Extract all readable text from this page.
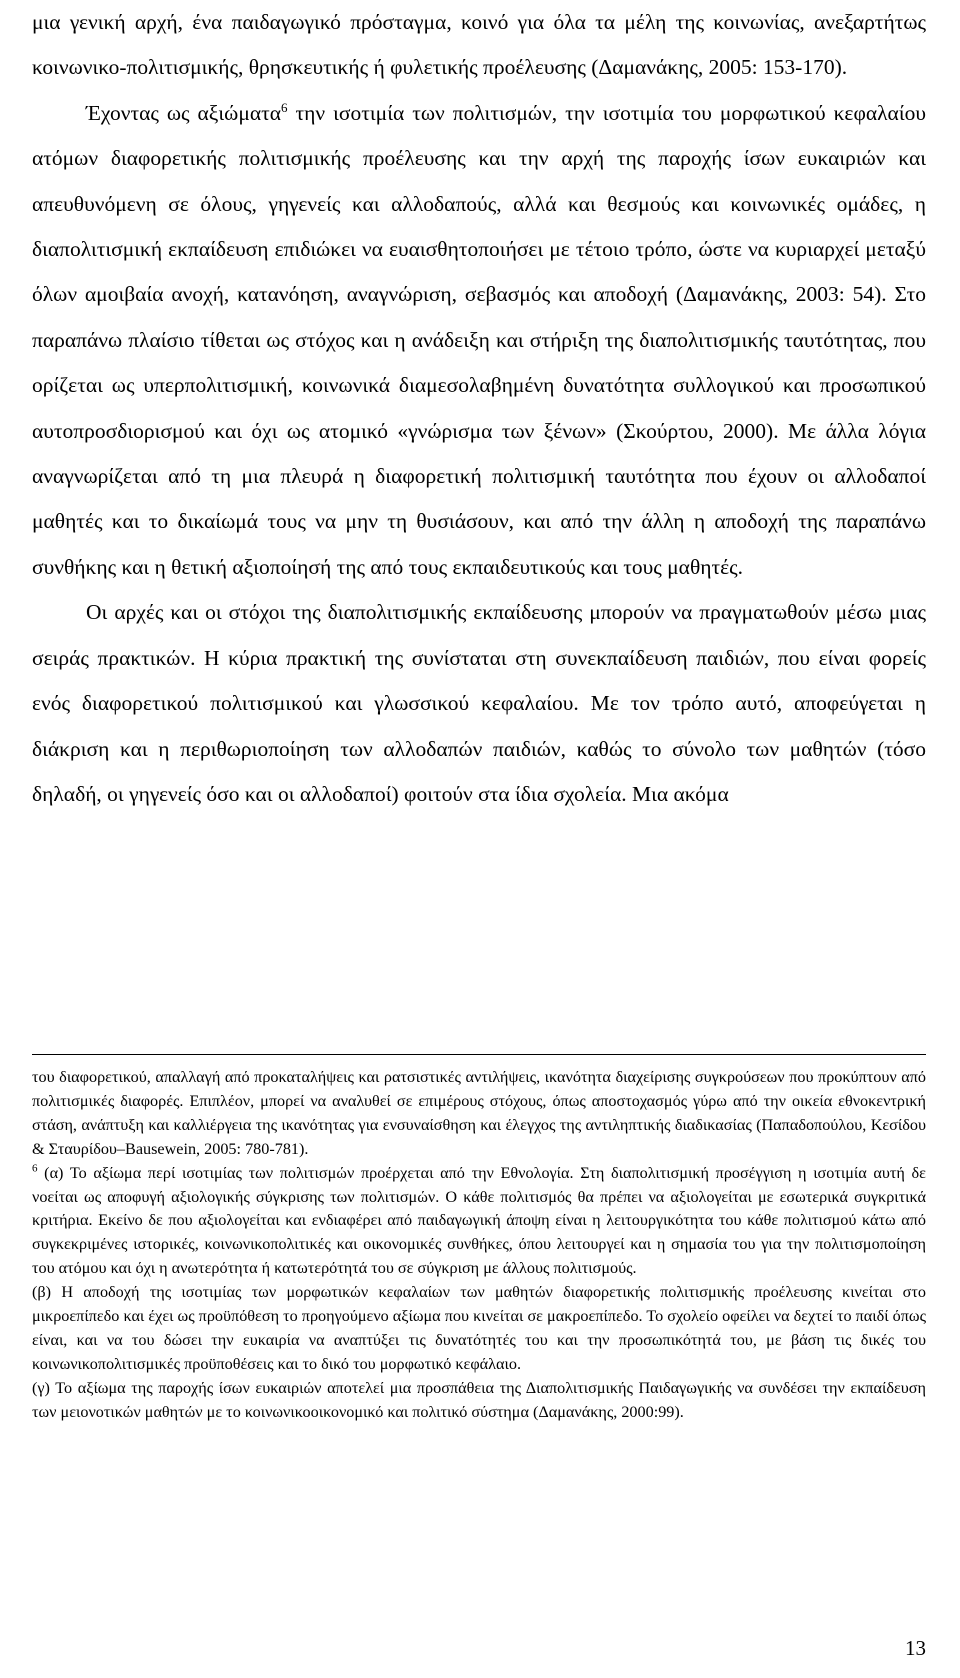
μια γενική αρχή, ένα παιδαγωγικό πρόσταγμα, κοινό για όλα τα μέλη της κοινωνίας, ανεξαρτήτως κοινωνικο-πολιτισμικής, θρησκευτικής ή φυλετικής προέλευσης (Δαμανάκης, 2005: 153-170).

Έχοντας ως αξιώματα$^6$ την ισοτιμία των πολιτισμών, την ισοτιμία του μορφωτικού κεφαλαίου ατόμων διαφορετικής πολιτισμικής προέλευσης και την αρχή της παροχής ίσων ευκαιριών και απευθυνόμενη σε όλους, γηγενείς και αλλοδαπούς, αλλά και θεσμούς και κοινωνικές ομάδες, η διαπολιτισμική εκπαίδευση επιδιώκει να ευαισθητοποιήσει με τέτοιο τρόπο, ώστε να κυριαρχεί μεταξύ όλων αμοιβαία ανοχή, κατανόηση, αναγνώριση, σεβασμός και αποδοχή (Δαμανάκης, 2003: 54). Στο παραπάνω πλαίσιο τίθεται ως στόχος και η ανάδειξη και στήριξη της διαπολιτισμικής ταυτότητας, που ορίζεται ως υπερπολιτισμική, κοινωνικά διαμεσολαβημένη δυνατότητα συλλογικού και προσωπικού αυτοπροσδιορισμού και όχι ως ατομικό «γνώρισμα των ξένων» (Σκούρτου, 2000). Με άλλα λόγια αναγνωρίζεται από τη μια πλευρά η διαφορετική πολιτισμική ταυτότητα που έχουν οι αλλοδαποί μαθητές και το δικαίωμά τους να μην τη θυσιάσουν, και από την άλλη η αποδοχή της παραπάνω συνθήκης και η θετική αξιοποίησή της από τους εκπαιδευτικούς και τους μαθητές.

Οι αρχές και οι στόχοι της διαπολιτισμικής εκπαίδευσης μπορούν να πραγματωθούν μέσω μιας σειράς πρακτικών. Η κύρια πρακτική της συνίσταται στη συνεκπαίδευση παιδιών, που είναι φορείς ενός διαφορετικού πολιτισμικού και γλωσσικού κεφαλαίου. Με τον τρόπο αυτό, αποφεύγεται η διάκριση και η περιθωριοποίηση των αλλοδαπών παιδιών, καθώς το σύνολο των μαθητών (τόσο δηλαδή, οι γηγενείς όσο και οι αλλοδαποί) φοιτούν στα ίδια σχολεία. Μια ακόμα

του διαφορετικού, απαλλαγή από προκαταλήψεις και ρατσιστικές αντιλήψεις, ικανότητα διαχείρισης συγκρούσεων που προκύπτουν από πολιτισμικές διαφορές. Επιπλέον, μπορεί να αναλυθεί σε επιμέρους στόχους, όπως αποστοχασμός γύρω από την οικεία εθνοκεντρική στάση, ανάπτυξη και καλλιέργεια της ικανότητας για ενσυναίσθηση και έλεγχος της αντιληπτικής διαδικασίας (Παπαδοπούλου, Κεσίδου & Σταυρίδου–Bausewein, 2005: 780-781).

$^6$ (α) Το αξίωμα περί ισοτιμίας των πολιτισμών προέρχεται από την Εθνολογία. Στη διαπολιτισμική προσέγγιση η ισοτιμία αυτή δε νοείται ως αποφυγή αξιολογικής σύγκρισης των πολιτισμών. Ο κάθε πολιτισμός θα πρέπει να αξιολογείται με εσωτερικά συγκριτικά κριτήρια. Εκείνο δε που αξιολογείται και ενδιαφέρει από παιδαγωγική άποψη είναι η λειτουργικότητα του κάθε πολιτισμού κάτω από συγκεκριμένες ιστορικές, κοινωνικοπολιτικές και οικονομικές συνθήκες, όπου λειτουργεί και η σημασία του για την πολιτισμοποίηση του ατόμου και όχι η ανωτερότητα ή κατωτερότητά του σε σύγκριση με άλλους πολιτισμούς.

(β) Η αποδοχή της ισοτιμίας των μορφωτικών κεφαλαίων των μαθητών διαφορετικής πολιτισμικής προέλευσης κινείται στο μικροεπίπεδο και έχει ως προϋπόθεση το προηγούμενο αξίωμα που κινείται σε μακροεπίπεδο. Το σχολείο οφείλει να δεχτεί το παιδί όπως είναι, και να του δώσει την ευκαιρία να αναπτύξει τις δυνατότητές του και την προσωπικότητά του, με βάση τις δικές του κοινωνικοπολιτισμικές προϋποθέσεις και το δικό του μορφωτικό κεφάλαιο.

(γ) Το αξίωμα της παροχής ίσων ευκαιριών αποτελεί μια προσπάθεια της Διαπολιτισμικής Παιδαγωγικής να συνδέσει την εκπαίδευση των μειονοτικών μαθητών με το κοινωνικοοικονομικό και πολιτικό σύστημα (Δαμανάκης, 2000:99).

13
